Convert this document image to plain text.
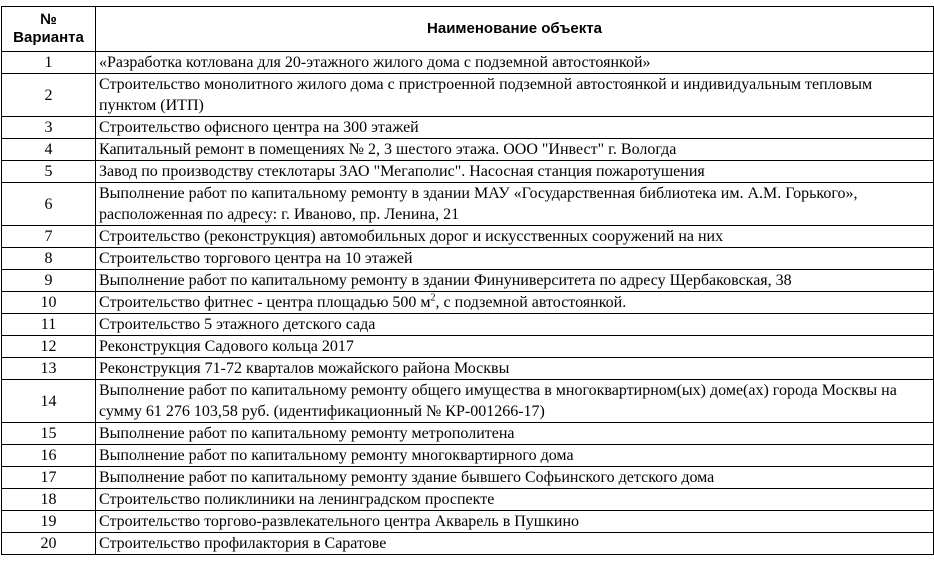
№
Варианта	Наименование объекта
1	«Разработка котлована для 20-этажного жилого дома с подземной автостоянкой»
2	Строительство монолитного жилого дома с пристроенной подземной автостоянкой и индивидуальным тепловым пунктом (ИТП)
3	Строительство офисного центра на 300 этажей
4	Капитальный ремонт в помещениях № 2, 3 шестого этажа. ООО "Инвест" г. Вологда
5	Завод по производству стеклотары ЗАО "Мегаполис". Насосная станция пожаротушения
6	Выполнение работ по капитальному ремонту в здании МАУ «Государственная библиотека им. А.М. Горького», расположенная по адресу: г. Иваново, пр. Ленина, 21
7	Строительство (реконструкция) автомобильных дорог и искусственных сооружений на них
8	Строительство торгового центра на 10 этажей
9	Выполнение работ по капитальному ремонту в здании Финуниверситета по адресу Щербаковская, 38
10	Строительство фитнес - центра площадью 500 $м^2$, с подземной автостоянкой.
11	Строительство 5 этажного детского сада
12	Реконструкция Садового кольца 2017
13	Реконструкция 71-72 кварталов можайского района Москвы
14	Выполнение работ по капитальному ремонту общего имущества в многоквартирном(ых) доме(ах) города Москвы на сумму 61 276 103,58 руб. (идентификационный № КР-001266-17)
15	Выполнение работ по капитальному ремонту метрополитена
16	Выполнение работ по капитальному ремонту многоквартирного дома
17	Выполнение работ по капитальному ремонту здание бывшего Софьинского детского дома
18	Строительство поликлиники на ленинградском проспекте
19	Строительство торгово-развлекательного центра Акварель в Пушкино
20	Строительство профилактория в Саратове
